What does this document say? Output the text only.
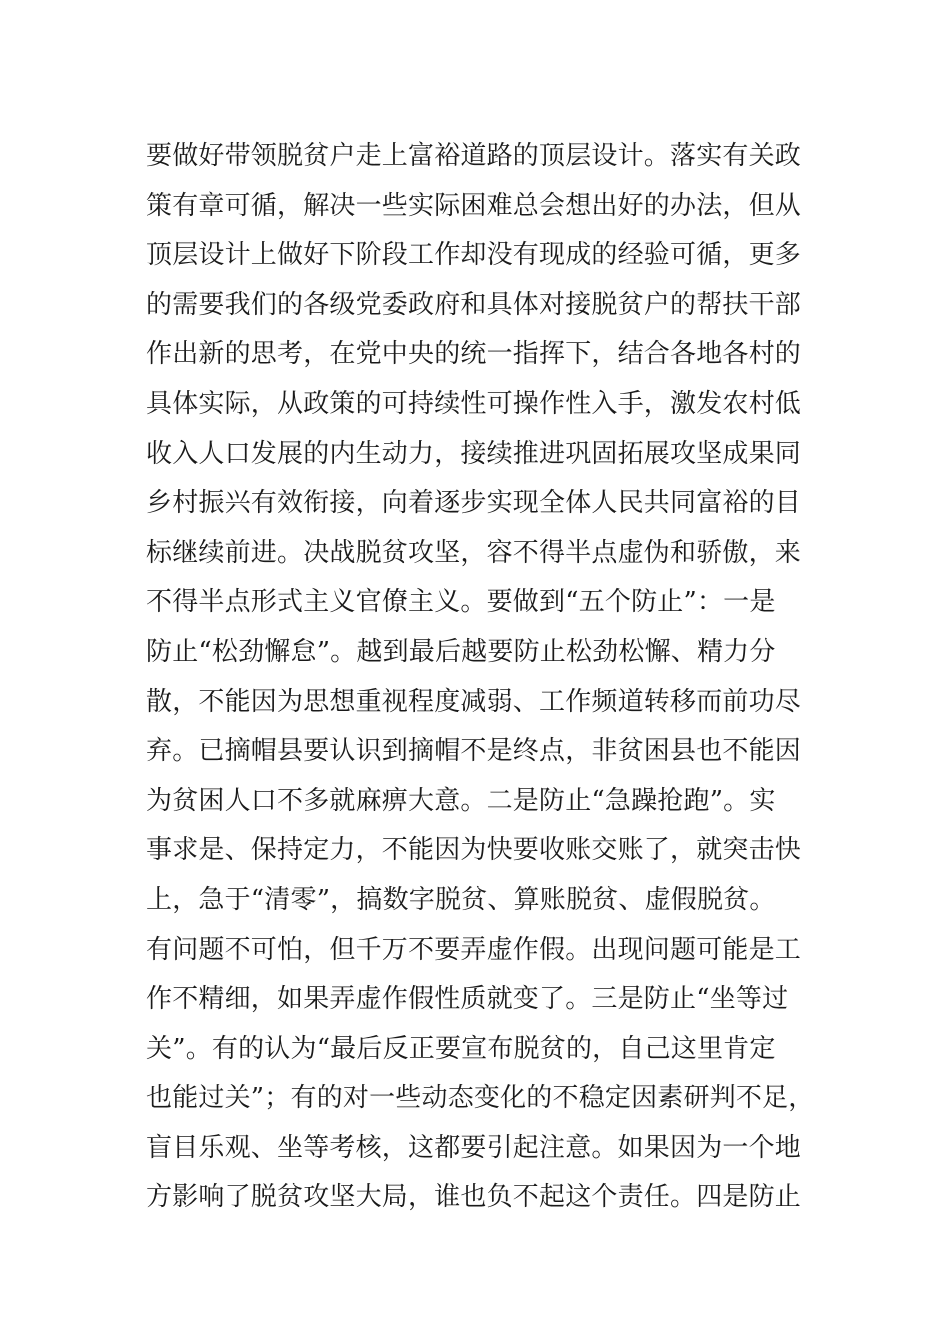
要做好带领脱贫户走上富裕道路的顶层设计。落实有关政
策有章可循，解决一些实际困难总会想出好的办法，但从
顶层设计上做好下阶段工作却没有现成的经验可循，更多
的需要我们的各级党委政府和具体对接脱贫户的帮扶干部
作出新的思考，在党中央的统一指挥下，结合各地各村的
具体实际，从政策的可持续性可操作性入手，激发农村低
收入人口发展的内生动力，接续推进巩固拓展攻坚成果同
乡村振兴有效衔接，向着逐步实现全体人民共同富裕的目
标继续前进。决战脱贫攻坚，容不得半点虚伪和骄傲，来
不得半点形式主义官僚主义。要做到“五个防止”：一是
防止“松劲懈怠”。越到最后越要防止松劲松懈、精力分
散，不能因为思想重视程度减弱、工作频道转移而前功尽
弃。已摘帽县要认识到摘帽不是终点，非贫困县也不能因
为贫困人口不多就麻痹大意。二是防止“急躁抢跑”。实
事求是、保持定力，不能因为快要收账交账了，就突击快
上，急于“清零”，搞数字脱贫、算账脱贫、虚假脱贫。
有问题不可怕，但千万不要弄虚作假。出现问题可能是工
作不精细，如果弄虚作假性质就变了。三是防止“坐等过
关”。有的认为“最后反正要宣布脱贫的，自己这里肯定
也能过关”；有的对一些动态变化的不稳定因素研判不足，
盲目乐观、坐等考核，这都要引起注意。如果因为一个地
方影响了脱贫攻坚大局，谁也负不起这个责任。四是防止
